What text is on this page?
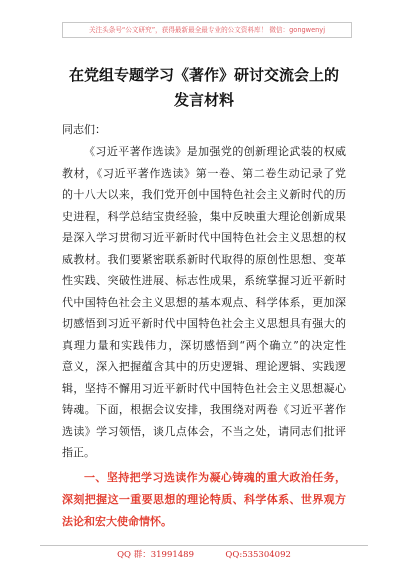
关注头条号“公文研究”，获得最新最全最专业的公文资料库！ 微信：gongwenyj
在党组专题学习《著作》研讨交流会上的
发言材料
同志们：
《习近平著作选读》是加强党的创新理论武装的权威
教材，《习近平著作选读》第一卷、第二卷生动记录了党
的十八大以来，我们党开创中国特色社会主义新时代的历
史进程，科学总结宝贵经验，集中反映重大理论创新成果
是深入学习贯彻习近平新时代中国特色社会主义思想的权
威教材。我们要紧密联系新时代取得的原创性思想、变革
性实践、突破性进展、标志性成果，系统掌握习近平新时
代中国特色社会主义思想的基本观点、科学体系，更加深
切感悟到习近平新时代中国特色社会主义思想具有强大的
真理力量和实践伟力，深切感悟到“两个确立”的决定性
意义，深入把握蕴含其中的历史逻辑、理论逻辑、实践逻
辑，坚持不懈用习近平新时代中国特色社会主义思想凝心
铸魂。下面，根据会议安排，我围绕对两卷《习近平著作
选读》学习领悟，谈几点体会，不当之处，请同志们批评
指正。
一、坚持把学习选读作为凝心铸魂的重大政治任务，
深刻把握这一重要思想的理论特质、科学体系、世界观方
法论和宏大使命情怀。
QQ 群：31991489	QQ:535304092
